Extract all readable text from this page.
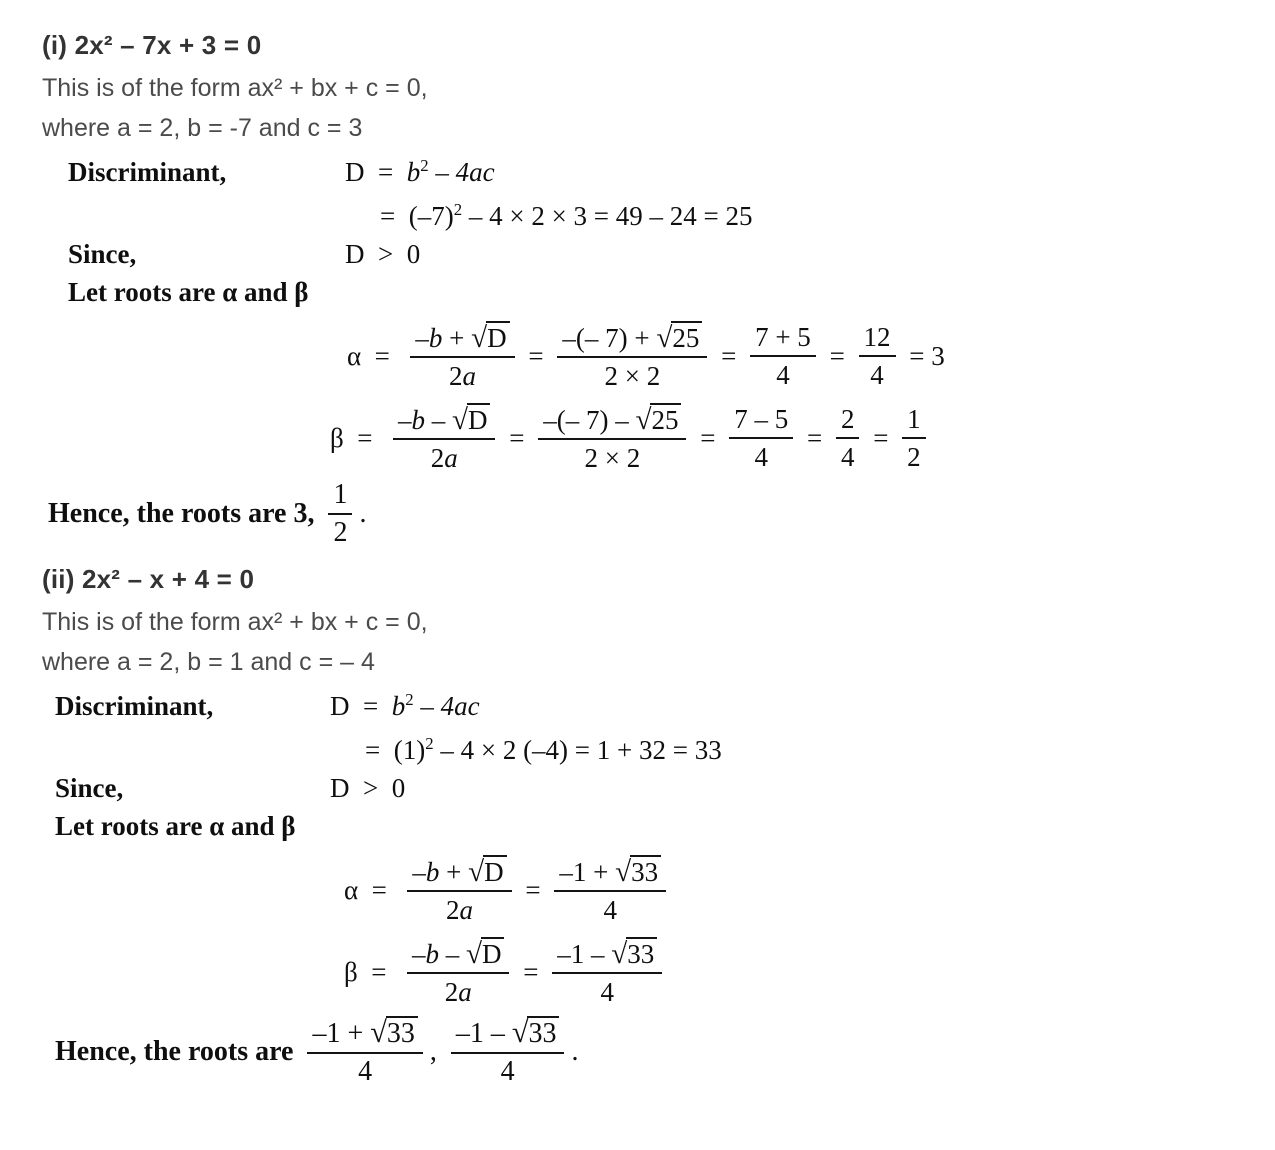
(i) 2x² – 7x + 3 = 0

This is of the form ax² + bx + c = 0,

where a = 2, b = -7 and c = 3

Discriminant,	$D = b^2 - 4ac$
=  $(-7)^2 - 4 \times 2 \times 3 = 49 - 24 = 25$
Since,	D  >  0
Let roots are α and β
$\alpha = \frac{-b + √D}{2a} = \frac{-(- 7) + √25}{2 \times 2} = \frac{7 + 5}{4} = \frac{12}{4} = 3$
$\beta = \frac{-b - √D}{2a} = \frac{-(- 7) - √25}{2 \times 2} = \frac{7 - 5}{4} = \frac{2}{4} = \frac{1}{2}$
Hence, the roots are 3, $\frac{1}{2}$ .
(ii) 2x² – x + 4 = 0

This is of the form ax² + bx + c = 0,

where a = 2, b = 1 and c = – 4

Discriminant,	$D = b^2 - 4ac$
=  $(1)^2 - 4 \times 2$ (–4) = 1 + 32 = 33
Since,	D  >  0
Let roots are α and β
$\alpha = \frac{-b + √D}{2a} = \frac{-1 + √33}{4}$
$\beta = \frac{-b - √D}{2a} = \frac{-1 - √33}{4}$
Hence, the roots are $\frac{-1 + √33}{4}$ , $\frac{-1 - √33}{4}$ .
